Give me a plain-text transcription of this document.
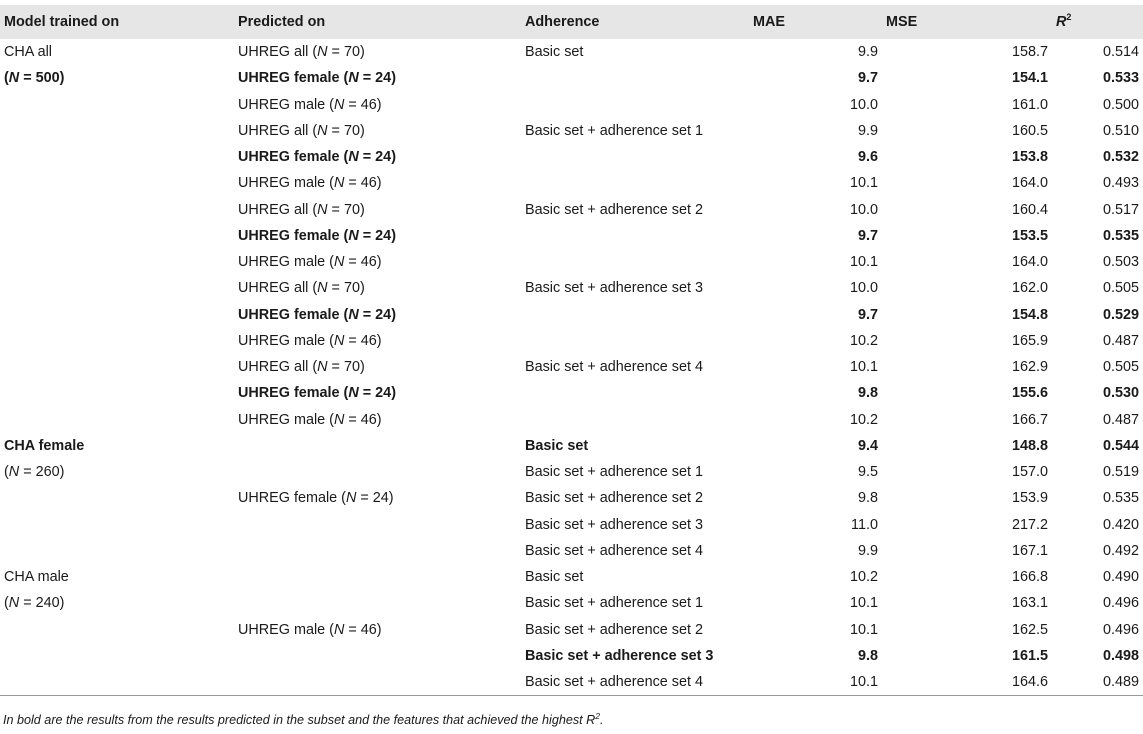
Model trained on	Predicted on	Adherence	MAE	MSE	$R^2$
CHA all	UHREG all (N = 70)	Basic set	9.9	158.7	0.514
(N = 500)	UHREG female (N = 24)		9.7	154.1	0.533
	UHREG male (N = 46)		10.0	161.0	0.500
	UHREG all (N = 70)	Basic set + adherence set 1	9.9	160.5	0.510
	UHREG female (N = 24)		9.6	153.8	0.532
	UHREG male (N = 46)		10.1	164.0	0.493
	UHREG all (N = 70)	Basic set + adherence set 2	10.0	160.4	0.517
	UHREG female (N = 24)		9.7	153.5	0.535
	UHREG male (N = 46)		10.1	164.0	0.503
	UHREG all (N = 70)	Basic set + adherence set 3	10.0	162.0	0.505
	UHREG female (N = 24)		9.7	154.8	0.529
	UHREG male (N = 46)		10.2	165.9	0.487
	UHREG all (N = 70)	Basic set + adherence set 4	10.1	162.9	0.505
	UHREG female (N = 24)		9.8	155.6	0.530
	UHREG male (N = 46)		10.2	166.7	0.487
CHA female		Basic set	9.4	148.8	0.544
(N = 260)		Basic set + adherence set 1	9.5	157.0	0.519
	UHREG female (N = 24)	Basic set + adherence set 2	9.8	153.9	0.535
		Basic set + adherence set 3	11.0	217.2	0.420
		Basic set + adherence set 4	9.9	167.1	0.492
CHA male		Basic set	10.2	166.8	0.490
(N = 240)		Basic set + adherence set 1	10.1	163.1	0.496
	UHREG male (N = 46)	Basic set + adherence set 2	10.1	162.5	0.496
		Basic set + adherence set 3	9.8	161.5	0.498
		Basic set + adherence set 4	10.1	164.6	0.489
In bold are the results from the results predicted in the subset and the features that achieved the highest $R^2$.
